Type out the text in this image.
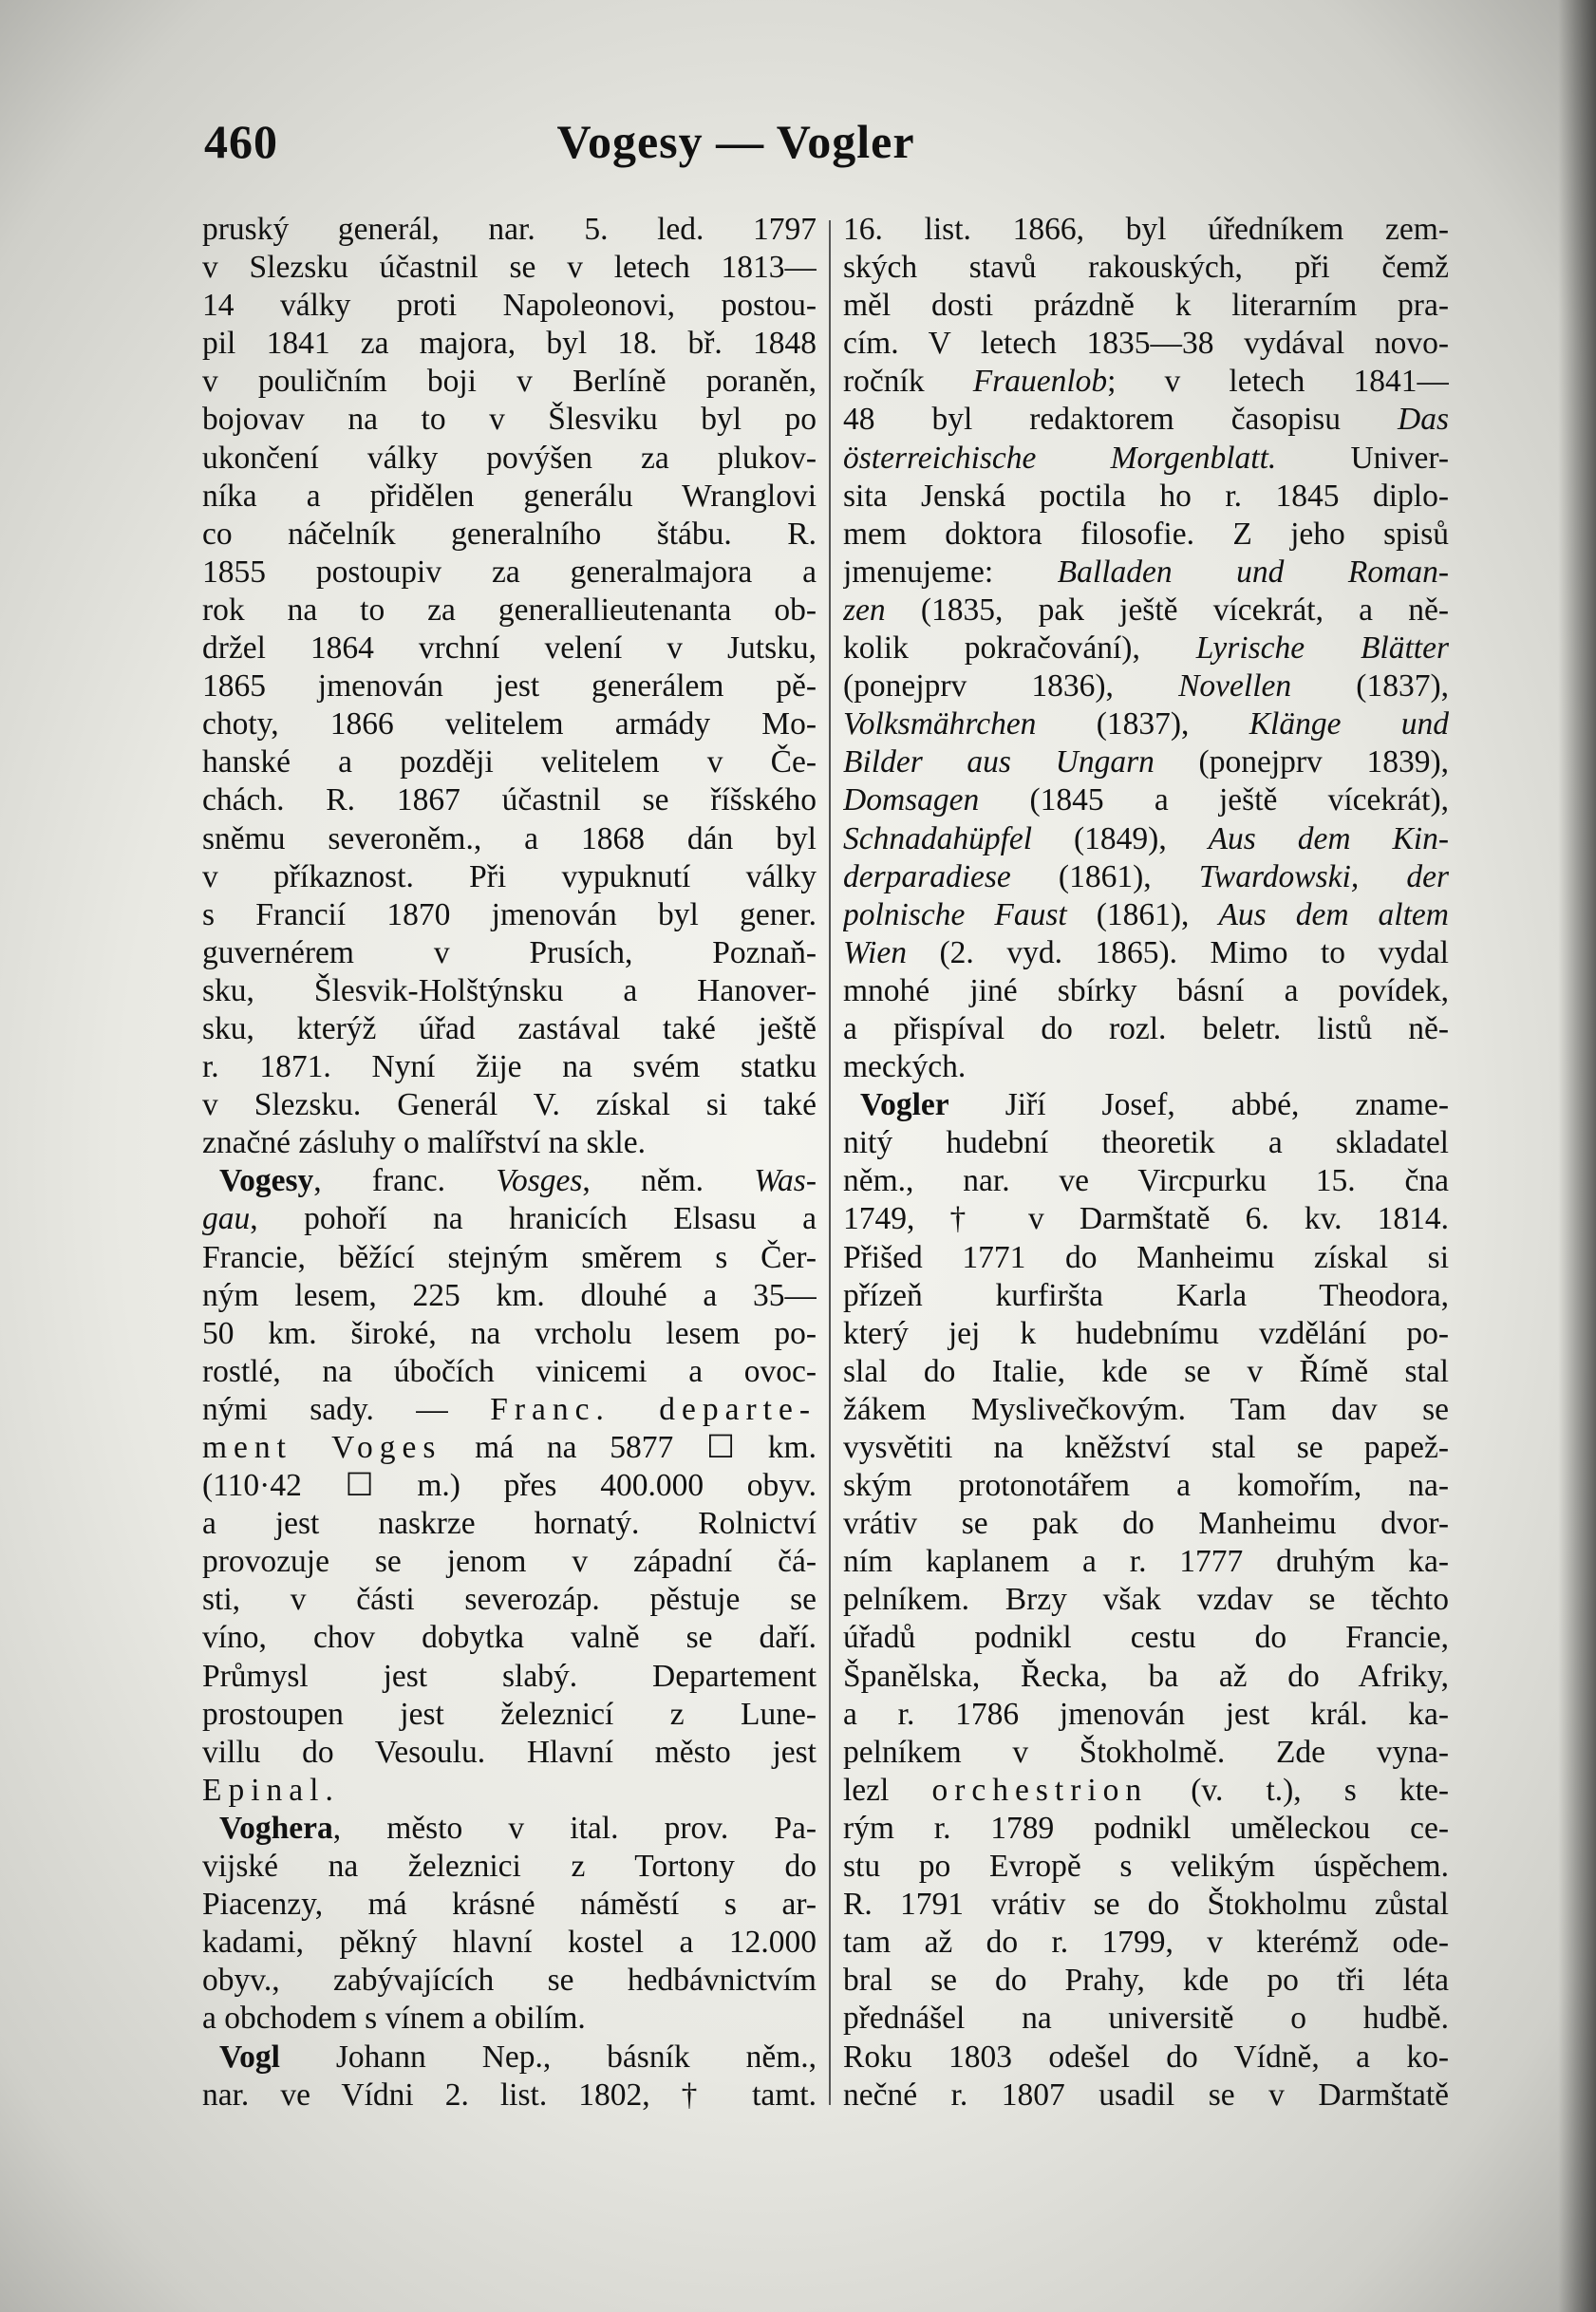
460	Vogesy — Vogler
pruský generál, nar. 5. led. 1797
v Slezsku účastnil se v letech 1813—
14 války proti Napoleonovi, postou-
pil 1841 za majora, byl 18. bř. 1848
v pouličním boji v Berlíně poraněn,
bojovav na to v Šlesviku byl po
ukončení války povýšen za plukov-
níka a přidělen generálu Wranglovi
co náčelník generalního štábu. R.
1855 postoupiv za generalmajora a
rok na to za generallieutenanta ob-
držel 1864 vrchní velení v Jutsku,
1865 jmenován jest generálem pě-
choty, 1866 velitelem armády Mo-
hanské a později velitelem v Če-
chách. R. 1867 účastnil se říšského
sněmu severoněm., a 1868 dán byl
v příkaznost. Při vypuknutí války
s Francií 1870 jmenován byl gener.
guvernérem v Prusích, Poznaň-
sku, Šlesvik-Holštýnsku a Hanover-
sku, kterýž úřad zastával také ještě
r. 1871. Nyní žije na svém statku
v Slezsku. Generál V. získal si také
značné zásluhy o malířství na skle.
Vogesy, franc. Vosges, něm. Was-
gau, pohoří na hranicích Elsasu a
Francie, běžící stejným směrem s Čer-
ným lesem, 225 km. dlouhé a 35—
50 km. široké, na vrcholu lesem po-
rostlé, na úbočích vinicemi a ovoc-
nými sady. — Franc. departe-
ment Voges má na 5877 ☐ km.
(110·42 ☐ m.) přes 400.000 obyv.
a jest naskrze hornatý. Rolnictví
provozuje se jenom v západní čá-
sti, v části severozáp. pěstuje se
víno, chov dobytka valně se daří.
Průmysl jest slabý. Departement
prostoupen jest železnicí z Lune-
villu do Vesoulu. Hlavní město jest
Epinal.
Voghera, město v ital. prov. Pa-
vijské na železnici z Tortony do
Piacenzy, má krásné náměstí s ar-
kadami, pěkný hlavní kostel a 12.000
obyv., zabývajících se hedbávnictvím
a obchodem s vínem a obilím.
Vogl Johann Nep., básník něm.,
nar. ve Vídni 2. list. 1802, † tamt.
16. list. 1866, byl úředníkem zem-
ských stavů rakouských, při čemž
měl dosti prázdně k literarním pra-
cím. V letech 1835—38 vydával novo-
ročník Frauenlob; v letech 1841—
48 byl redaktorem časopisu Das
österreichische Morgenblatt. Univer-
sita Jenská poctila ho r. 1845 diplo-
mem doktora filosofie. Z jeho spisů
jmenujeme: Balladen und Roman-
zen (1835, pak ještě vícekrát, a ně-
kolik pokračování), Lyrische Blätter
(ponejprv 1836), Novellen (1837),
Volksmährchen (1837), Klänge und
Bilder aus Ungarn (ponejprv 1839),
Domsagen (1845 a ještě vícekrát),
Schnadahüpfel (1849), Aus dem Kin-
derparadiese (1861), Twardowski, der
polnische Faust (1861), Aus dem altem
Wien (2. vyd. 1865). Mimo to vydal
mnohé jiné sbírky básní a povídek,
a přispíval do rozl. beletr. listů ně-
meckých.
Vogler Jiří Josef, abbé, zname-
nitý hudební theoretik a skladatel
něm., nar. ve Vircpurku 15. čna
1749, † v Darmštatě 6. kv. 1814.
Přišed 1771 do Manheimu získal si
přízeň kurfiršta Karla Theodora,
který jej k hudebnímu vzdělání po-
slal do Italie, kde se v Římě stal
žákem Myslivečkovým. Tam dav se
vysvětiti na kněžství stal se papež-
ským protonotářem a komořím, na-
vrátiv se pak do Manheimu dvor-
ním kaplanem a r. 1777 druhým ka-
pelníkem. Brzy však vzdav se těchto
úřadů podnikl cestu do Francie,
Španělska, Řecka, ba až do Afriky,
a r. 1786 jmenován jest král. ka-
pelníkem v Štokholmě. Zde vyna-
lezl orchestrion (v. t.), s kte-
rým r. 1789 podnikl uměleckou ce-
stu po Evropě s velikým úspěchem.
R. 1791 vrátiv se do Štokholmu zůstal
tam až do r. 1799, v kterémž ode-
bral se do Prahy, kde po tři léta
přednášel na universitě o hudbě.
Roku 1803 odešel do Vídně, a ko-
nečné r. 1807 usadil se v Darmštatě
